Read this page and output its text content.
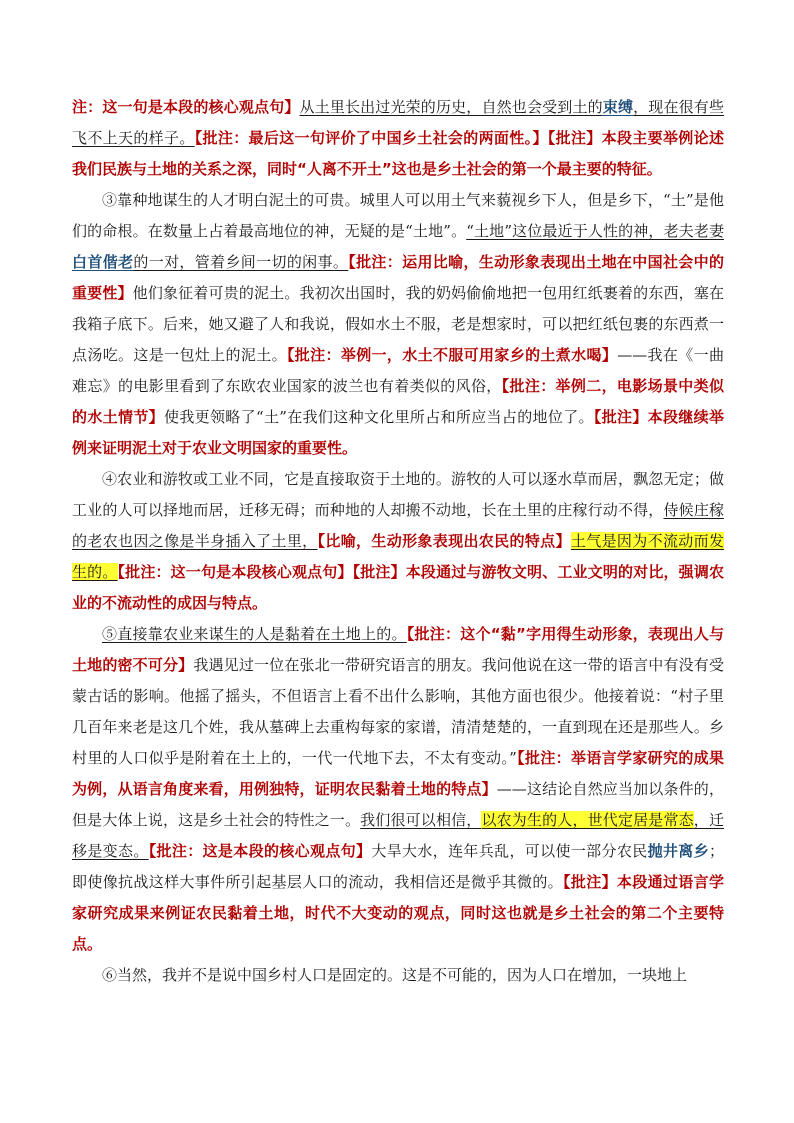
注：这一句是本段的核心观点句】从土里长出过光荣的历史，自然也会受到土的束缚，现在很有些飞不上天的样子。【批注：最后这一句评价了中国乡土社会的两面性。】【批注】本段主要举例论述我们民族与土地的关系之深，同时“人离不开土”这也是乡土社会的第一个最主要的特征。

③靠种地谋生的人才明白泥土的可贵。城里人可以用土气来藐视乡下人，但是乡下，“土”是他们的命根。在数量上占着最高地位的神，无疑的是“土地”。“土地”这位最近于人性的神，老夫老妻白首偕老的一对，管着乡间一切的闲事。【批注：运用比喻，生动形象表现出土地在中国社会中的重要性】他们象征着可贵的泥土。我初次出国时，我的奶妈偷偷地把一包用红纸裹着的东西，塞在我箱子底下。后来，她又避了人和我说，假如水土不服，老是想家时，可以把红纸包裹的东西煮一点汤吃。这是一包灶上的泥土。【批注：举例一，水土不服可用家乡的土煮水喝】——我在《一曲难忘》的电影里看到了东欧农业国家的波兰也有着类似的风俗，【批注：举例二，电影场景中类似的水土情节】使我更领略了“土”在我们这种文化里所占和所应当占的地位了。【批注】本段继续举例来证明泥土对于农业文明国家的重要性。

④农业和游牧或工业不同，它是直接取资于土地的。游牧的人可以逐水草而居，飘忽无定；做工业的人可以择地而居，迁移无碍；而种地的人却搬不动地，长在土里的庄稼行动不得，侍候庄稼的老农也因之像是半身插入了土里，【比喻，生动形象表现出农民的特点】土气是因为不流动而发生的。【批注：这一句是本段核心观点句】【批注】本段通过与游牧文明、工业文明的对比，强调农业的不流动性的成因与特点。

⑤直接靠农业来谋生的人是黏着在土地上的。【批注：这个“黏”字用得生动形象，表现出人与土地的密不可分】我遇见过一位在张北一带研究语言的朋友。我问他说在这一带的语言中有没有受蒙古话的影响。他摇了摇头，不但语言上看不出什么影响，其他方面也很少。他接着说：“村子里几百年来老是这几个姓，我从墓碑上去重构每家的家谱，清清楚楚的，一直到现在还是那些人。乡村里的人口似乎是附着在土上的，一代一代地下去，不太有变动。”【批注：举语言学家研究的成果为例，从语言角度来看，用例独特，证明农民黏着土地的特点】——这结论自然应当加以条件的，但是大体上说，这是乡土社会的特性之一。我们很可以相信，以农为生的人，世代定居是常态，迁移是变态。【批注：这是本段的核心观点句】大旱大水，连年兵乱，可以使一部分农民抛井离乡；即使像抗战这样大事件所引起基层人口的流动，我相信还是微乎其微的。【批注】本段通过语言学家研究成果来例证农民黏着土地，时代不大变动的观点，同时这也就是乡土社会的第二个主要特点。

⑥当然，我并不是说中国乡村人口是固定的。这是不可能的，因为人口在增加，一块地上
